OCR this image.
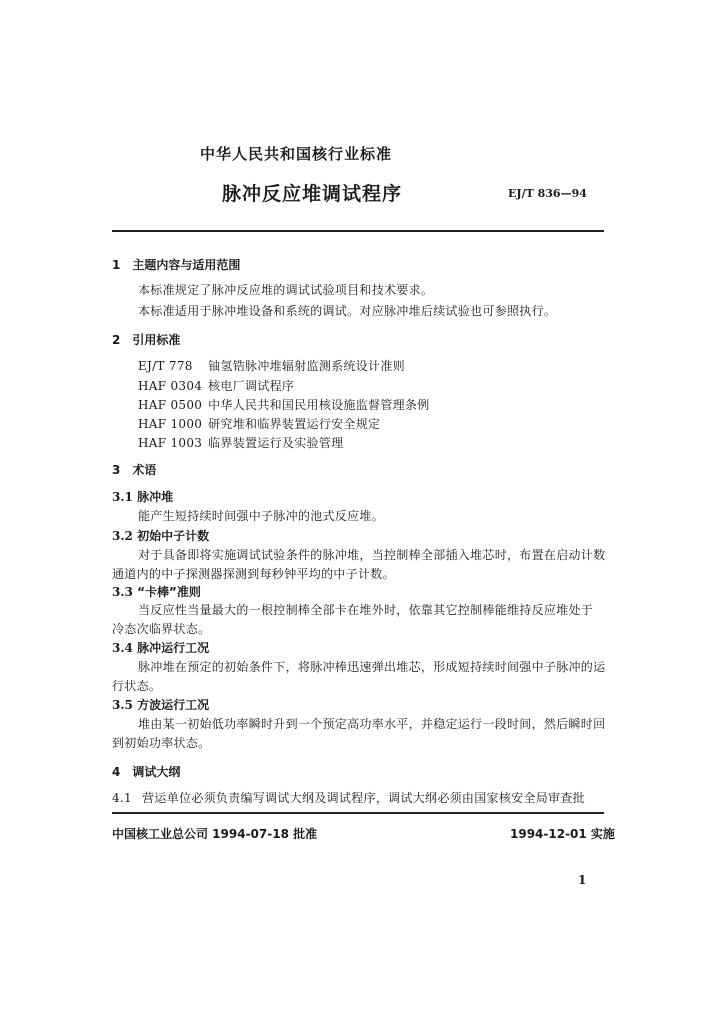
中华人民共和国核行业标准
脉冲反应堆调试程序	EJ/T 836—94
1　主题内容与适用范围
本标准规定了脉冲反应堆的调试试验项目和技术要求。
本标准适用于脉冲堆设备和系统的调试。对应脉冲堆后续试验也可参照执行。
2　引用标准
EJ/T 778 铀氢锆脉冲堆辐射监测系统设计准则
HAF 0304 核电厂调试程序
HAF 0500 中华人民共和国民用核设施监督管理条例
HAF 1000 研究堆和临界装置运行安全规定
HAF 1003 临界装置运行及实验管理
3　术语
3.1 脉冲堆
能产生短持续时间强中子脉冲的池式反应堆。
3.2 初始中子计数
对于具备即将实施调试试验条件的脉冲堆，当控制棒全部插入堆芯时，布置在启动计数
通道内的中子探测器探测到每秒钟平均的中子计数。
3.3 “卡棒”准则
当反应性当量最大的一根控制棒全部卡在堆外时，依靠其它控制棒能维持反应堆处于
冷态次临界状态。
3.4 脉冲运行工况
脉冲堆在预定的初始条件下，将脉冲棒迅速弹出堆芯，形成短持续时间强中子脉冲的运
行状态。
3.5 方波运行工况
堆由某一初始低功率瞬时升到一个预定高功率水平，并稳定运行一段时间，然后瞬时回
到初始功率状态。
4　调试大纲
4.1 营运单位必须负责编写调试大纲及调试程序，调试大纲必须由国家核安全局审查批
中国核工业总公司 1994-07-18 批准	1994-12-01 实施
1
